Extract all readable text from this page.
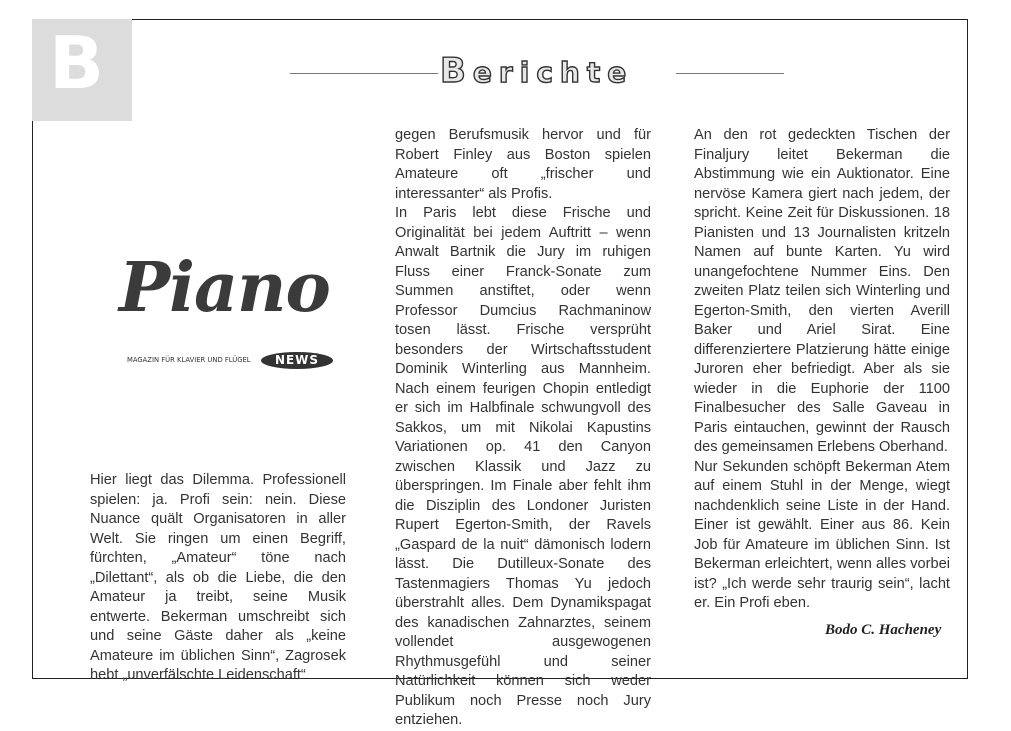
B	Berichte
Piano
MAGAZIN FÜR KLAVIER UND FLÜGEL	NEWS

Hier liegt das Dilemma. Professionell spielen: ja. Profi sein: nein. Diese Nuance quält Organisatoren in aller Welt. Sie ringen um einen Begriff, fürchten, „Amateur“ töne nach „Dilettant“, als ob die Liebe, die den Amateur ja treibt, seine Musik entwerte. Bekerman umschreibt sich und seine Gäste daher als „keine Amateure im üblichen Sinn“, Zagrosek hebt „unverfälschte Leidenschaft“

gegen Berufsmusik hervor und für Robert Finley aus Boston spielen Amateure oft „frischer und interessanter“ als Profis.

In Paris lebt diese Frische und Originalität bei jedem Auftritt – wenn Anwalt Bartnik die Jury im ruhigen Fluss einer Franck-Sonate zum Summen anstiftet, oder wenn Professor Dumcius Rachmaninow tosen lässt. Frische versprüht besonders der Wirtschaftsstudent Dominik Winterling aus Mannheim. Nach einem feurigen Chopin entledigt er sich im Halbfinale schwungvoll des Sakkos, um mit Nikolai Kapustins Variationen op. 41 den Canyon zwischen Klassik und Jazz zu überspringen. Im Finale aber fehlt ihm die Disziplin des Londoner Juristen Rupert Egerton-Smith, der Ravels „Gaspard de la nuit“ dämonisch lodern lässt. Die Dutilleux-Sonate des Tastenmagiers Thomas Yu jedoch überstrahlt alles. Dem Dynamikspagat des kanadischen Zahnarztes, seinem vollendet ausgewogenen Rhythmusgefühl und seiner Natürlichkeit können sich weder Publikum noch Presse noch Jury entziehen.

An den rot gedeckten Tischen der Finaljury leitet Bekerman die Abstimmung wie ein Auktionator. Eine nervöse Kamera giert nach jedem, der spricht. Keine Zeit für Diskussionen. 18 Pianisten und 13 Journalisten kritzeln Namen auf bunte Karten. Yu wird unangefochtene Nummer Eins. Den zweiten Platz teilen sich Winterling und Egerton-Smith, den vierten Averill Baker und Ariel Sirat. Eine differenziertere Platzierung hätte einige Juroren eher befriedigt. Aber als sie wieder in die Euphorie der 1100 Finalbesucher des Salle Gaveau in Paris eintauchen, gewinnt der Rausch des gemeinsamen Erlebens Oberhand.

Nur Sekunden schöpft Bekerman Atem auf einem Stuhl in der Menge, wiegt nachdenklich seine Liste in der Hand. Einer ist gewählt. Einer aus 86. Kein Job für Amateure im üblichen Sinn. Ist Bekerman erleichtert, wenn alles vorbei ist? „Ich werde sehr traurig sein“, lacht er. Ein Profi eben.

Bodo C. Hacheney
